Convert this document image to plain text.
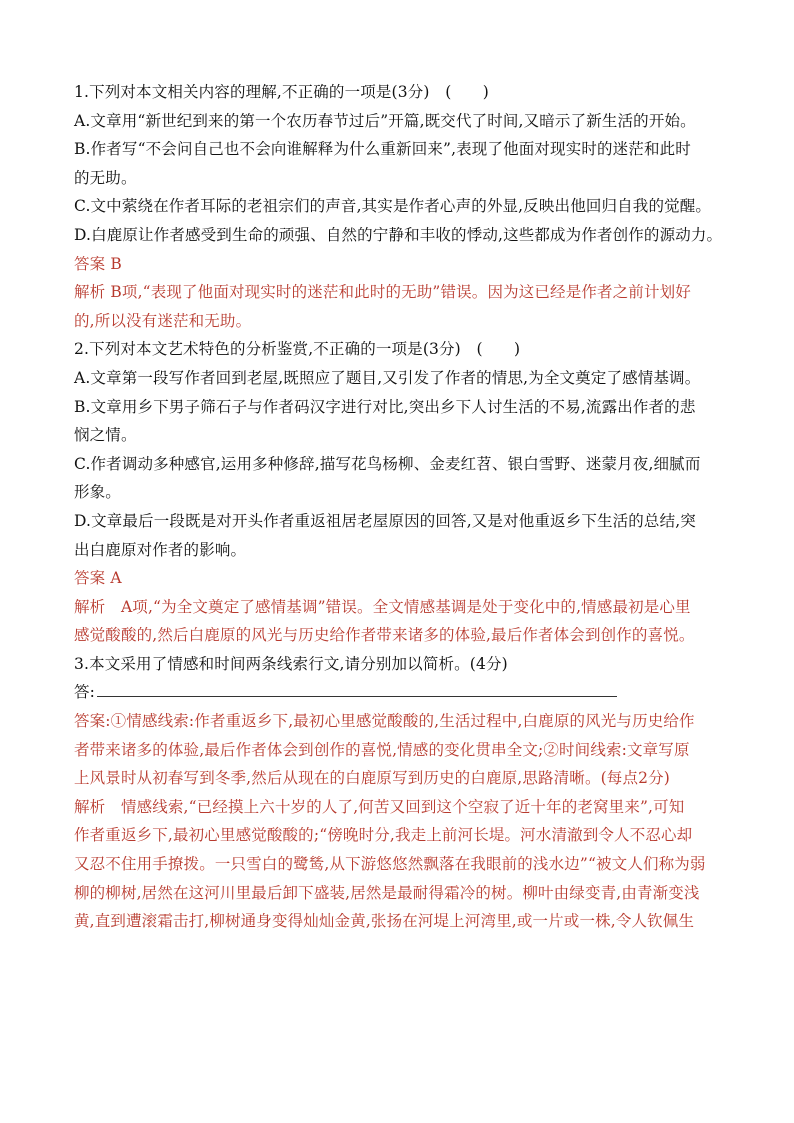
1.下列对本文相关内容的理解,不正确的一项是(3分)　(　　)
A.文章用“新世纪到来的第一个农历春节过后”开篇,既交代了时间,又暗示了新生活的开始。
B.作者写“不会问自己也不会向谁解释为什么重新回来”,表现了他面对现实时的迷茫和此时
的无助。
C.文中萦绕在作者耳际的老祖宗们的声音,其实是作者心声的外显,反映出他回归自我的觉醒。
D.白鹿原让作者感受到生命的顽强、自然的宁静和丰收的悸动,这些都成为作者创作的源动力。
答案 B
解析 B项,“表现了他面对现实时的迷茫和此时的无助”错误。因为这已经是作者之前计划好
的,所以没有迷茫和无助。
2.下列对本文艺术特色的分析鉴赏,不正确的一项是(3分)　(　　)
A.文章第一段写作者回到老屋,既照应了题目,又引发了作者的情思,为全文奠定了感情基调。
B.文章用乡下男子筛石子与作者码汉字进行对比,突出乡下人讨生活的不易,流露出作者的悲
悯之情。
C.作者调动多种感官,运用多种修辞,描写花鸟杨柳、金麦红苕、银白雪野、迷蒙月夜,细腻而
形象。
D.文章最后一段既是对开头作者重返祖居老屋原因的回答,又是对他重返乡下生活的总结,突
出白鹿原对作者的影响。
答案 A
解析　A项,“为全文奠定了感情基调”错误。全文情感基调是处于变化中的,情感最初是心里
感觉酸酸的,然后白鹿原的风光与历史给作者带来诸多的体验,最后作者体会到创作的喜悦。
3.本文采用了情感和时间两条线索行文,请分别加以简析。(4分)
答:
答案:①情感线索:作者重返乡下,最初心里感觉酸酸的,生活过程中,白鹿原的风光与历史给作
者带来诸多的体验,最后作者体会到创作的喜悦,情感的变化贯串全文;②时间线索:文章写原
上风景时从初春写到冬季,然后从现在的白鹿原写到历史的白鹿原,思路清晰。(每点2分)
解析　情感线索,“已经摸上六十岁的人了,何苦又回到这个空寂了近十年的老窝里来”,可知
作者重返乡下,最初心里感觉酸酸的;“傍晚时分,我走上前河长堤。河水清澈到令人不忍心却
又忍不住用手撩拨。一只雪白的鹭鸶,从下游悠悠然飘落在我眼前的浅水边”“被文人们称为弱
柳的柳树,居然在这河川里最后卸下盛装,居然是最耐得霜冷的树。柳叶由绿变青,由青渐变浅
黄,直到遭滚霜击打,柳树通身变得灿灿金黄,张扬在河堤上河湾里,或一片或一株,令人钦佩生
